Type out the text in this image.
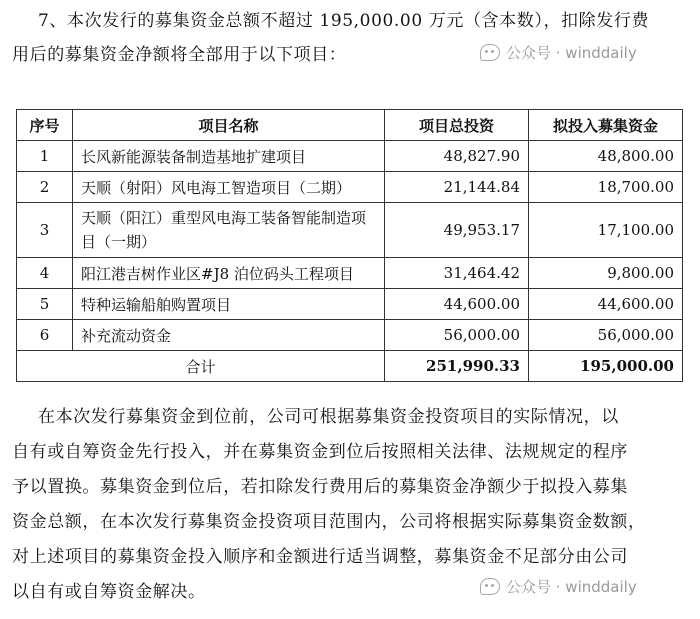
7、本次发行的募集资金总额不超过 195,000.00 万元（含本数），扣除发行费
用后的募集资金净额将全部用于以下项目：	公众号 · winddaily
序号	项目名称	项目总投资	拟投入募集资金
1	长风新能源装备制造基地扩建项目	48,827.90	48,800.00
2	天顺（射阳）风电海工智造项目（二期）	21,144.84	18,700.00
3	天顺（阳江）重型风电海工装备智能制造项目（一期）	49,953.17	17,100.00
4	阳江港吉树作业区#J8 泊位码头工程项目	31,464.42	9,800.00
5	特种运输船舶购置项目	44,600.00	44,600.00
6	补充流动资金	56,000.00	56,000.00
合计		251,990.33	195,000.00
在本次发行募集资金到位前，公司可根据募集资金投资项目的实际情况，以
自有或自筹资金先行投入，并在募集资金到位后按照相关法律、法规规定的程序
予以置换。募集资金到位后，若扣除发行费用后的募集资金净额少于拟投入募集
资金总额，在本次发行募集资金投资项目范围内，公司将根据实际募集资金数额，
对上述项目的募集资金投入顺序和金额进行适当调整，募集资金不足部分由公司
以自有或自筹资金解决。	公众号 · winddaily
